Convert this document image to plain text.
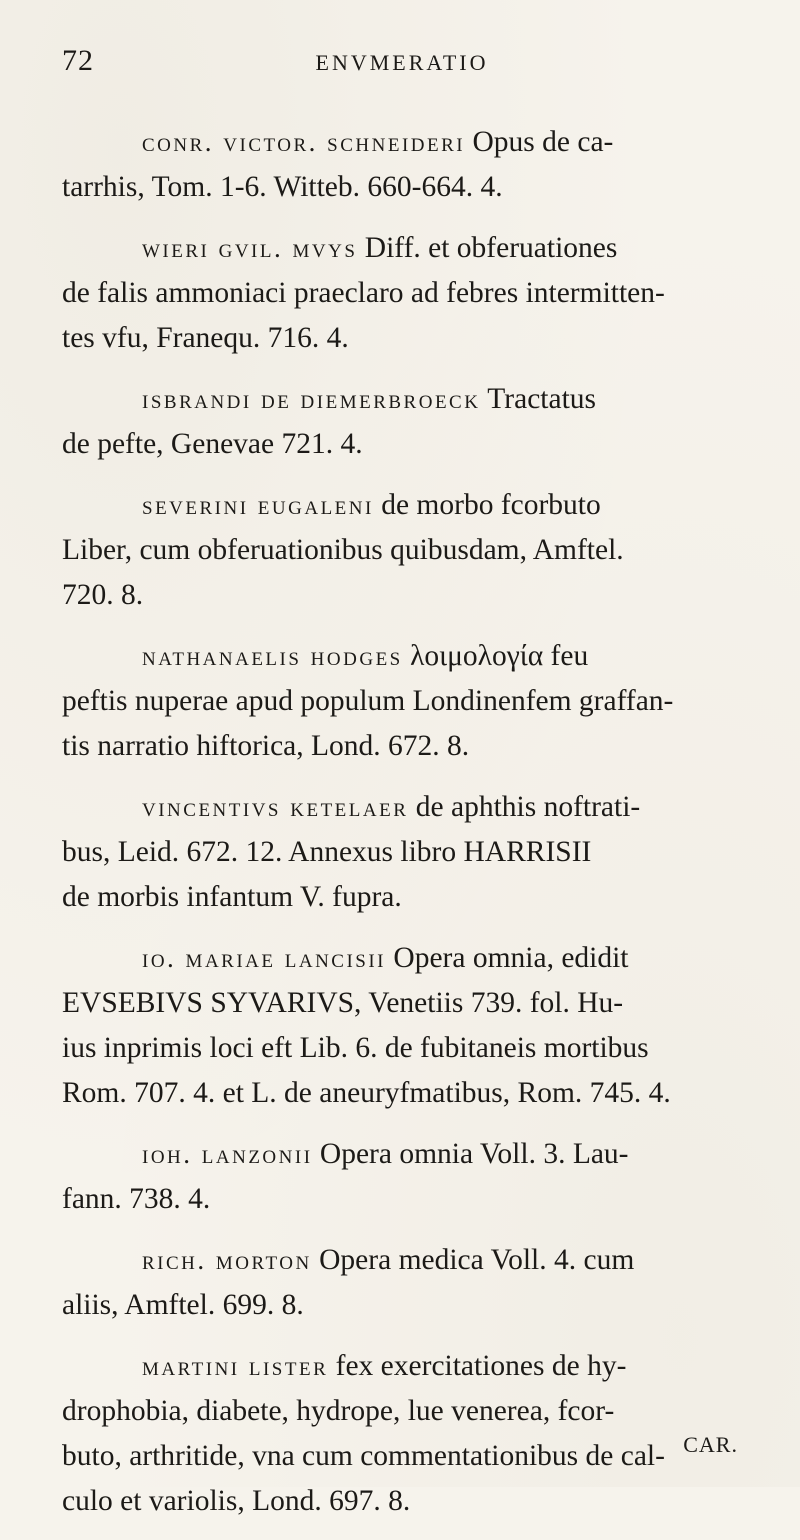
72	ENVMERATIO
conr. victor. schneideri Opus de ca-
tarrhis, Tom. 1-6. Witteb. 660-664. 4.
wieri gvil. mvys Diff. et obferuationes
de falis ammoniaci praeclaro ad febres intermitten-
tes vfu, Franequ. 716. 4.
isbrandi de diemerbroeck Tractatus
de pefte, Genevae 721. 4.
severini eugaleni de morbo fcorbuto
Liber, cum obferuationibus quibusdam, Amftel.
720. 8.
nathanaelis hodges λοιμολογία feu
peftis nuperae apud populum Londinenfem graffan-
tis narratio hiftorica, Lond. 672. 8.
vincentivs ketelaer de aphthis noftrati-
bus, Leid. 672. 12. Annexus libro HARRISII
de morbis infantum V. fupra.
io. mariae lancisii Opera omnia, edidit
EVSEBIVS SYVARIVS, Venetiis 739. fol. Hu-
ius inprimis loci eft Lib. 6. de fubitaneis mortibus
Rom. 707. 4. et L. de aneuryfmatibus, Rom. 745. 4.
ioh. lanzonii Opera omnia Voll. 3. Lau-
fann. 738. 4.
rich. morton Opera medica Voll. 4. cum
aliis, Amftel. 699. 8.
martini lister fex exercitationes de hy-
drophobia, diabete, hydrope, lue venerea, fcor-
buto, arthritide, vna cum commentationibus de cal-
culo et variolis, Lond. 697. 8.
CAR.
